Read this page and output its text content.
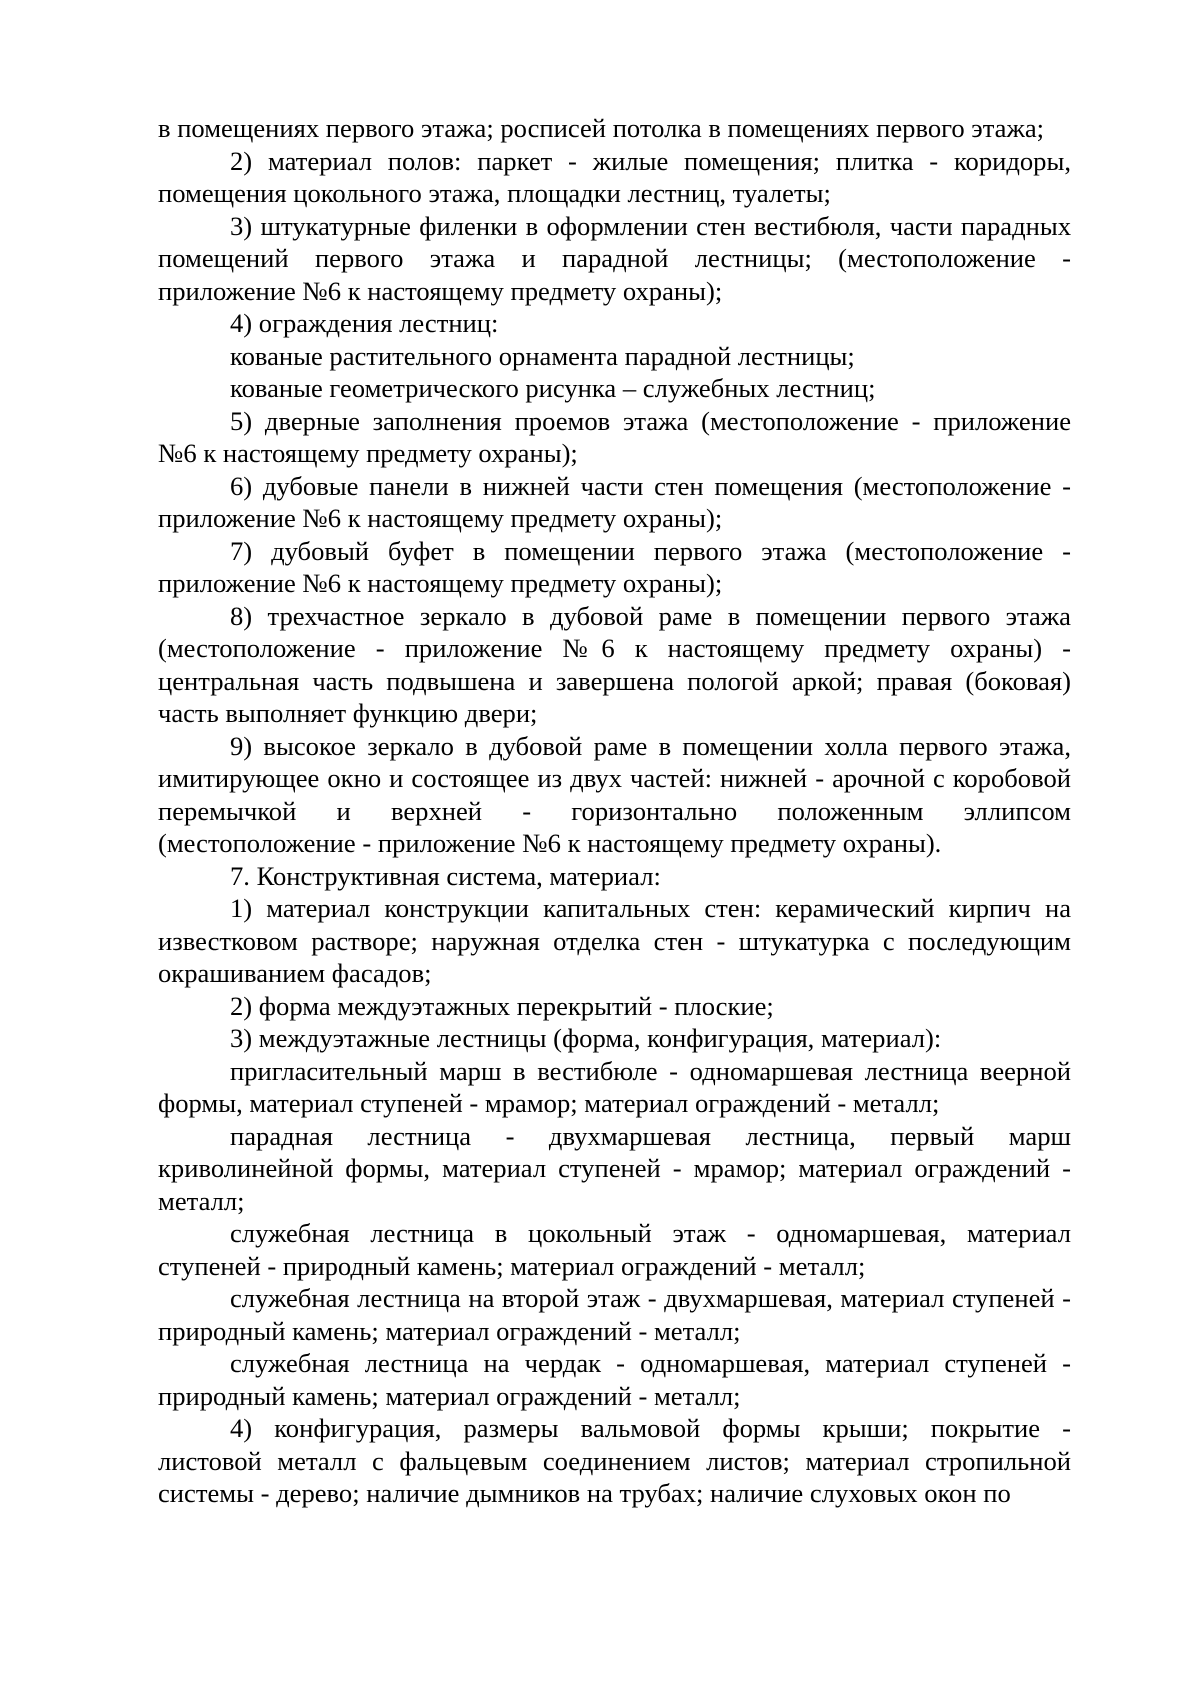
в помещениях первого этажа; росписей потолка в помещениях первого этажа;

2) материал полов: паркет - жилые помещения; плитка - коридоры, помещения цокольного этажа, площадки лестниц, туалеты;

3) штукатурные филенки в оформлении стен вестибюля, части парадных помещений первого этажа и парадной лестницы; (местоположение - приложение №6 к настоящему предмету охраны);

4) ограждения лестниц:

кованые растительного орнамента парадной лестницы;

кованые геометрического рисунка – служебных лестниц;

5) дверные заполнения проемов этажа (местоположение - приложение №6 к настоящему предмету охраны);

6) дубовые панели в нижней части стен помещения (местоположение - приложение №6 к настоящему предмету охраны);

7) дубовый буфет в помещении первого этажа (местоположение - приложение №6 к настоящему предмету охраны);

8) трехчастное зеркало в дубовой раме в помещении первого этажа (местоположение - приложение №6 к настоящему предмету охраны) - центральная часть подвышена и завершена пологой аркой; правая (боковая) часть выполняет функцию двери;

9) высокое зеркало в дубовой раме в помещении холла первого этажа, имитирующее окно и состоящее из двух частей: нижней - арочной с коробовой перемычкой и верхней - горизонтально положенным эллипсом (местоположение - приложение №6 к настоящему предмету охраны).

7. Конструктивная система, материал:

1) материал конструкции капитальных стен: керамический кирпич на известковом растворе; наружная отделка стен - штукатурка с последующим окрашиванием фасадов;

2) форма междуэтажных перекрытий - плоские;

3) междуэтажные лестницы (форма, конфигурация, материал):

пригласительный марш в вестибюле - одномаршевая лестница веерной формы, материал ступеней - мрамор; материал ограждений - металл;

парадная лестница - двухмаршевая лестница, первый марш криволинейной формы, материал ступеней - мрамор; материал ограждений - металл;

служебная лестница в цокольный этаж - одномаршевая, материал ступеней - природный камень; материал ограждений - металл;

служебная лестница на второй этаж - двухмаршевая, материал ступеней - природный камень; материал ограждений - металл;

служебная лестница на чердак - одномаршевая, материал ступеней - природный камень; материал ограждений - металл;

4) конфигурация, размеры вальмовой формы крыши; покрытие - листовой металл с фальцевым соединением листов; материал стропильной системы - дерево; наличие дымников на трубах; наличие слуховых окон по
